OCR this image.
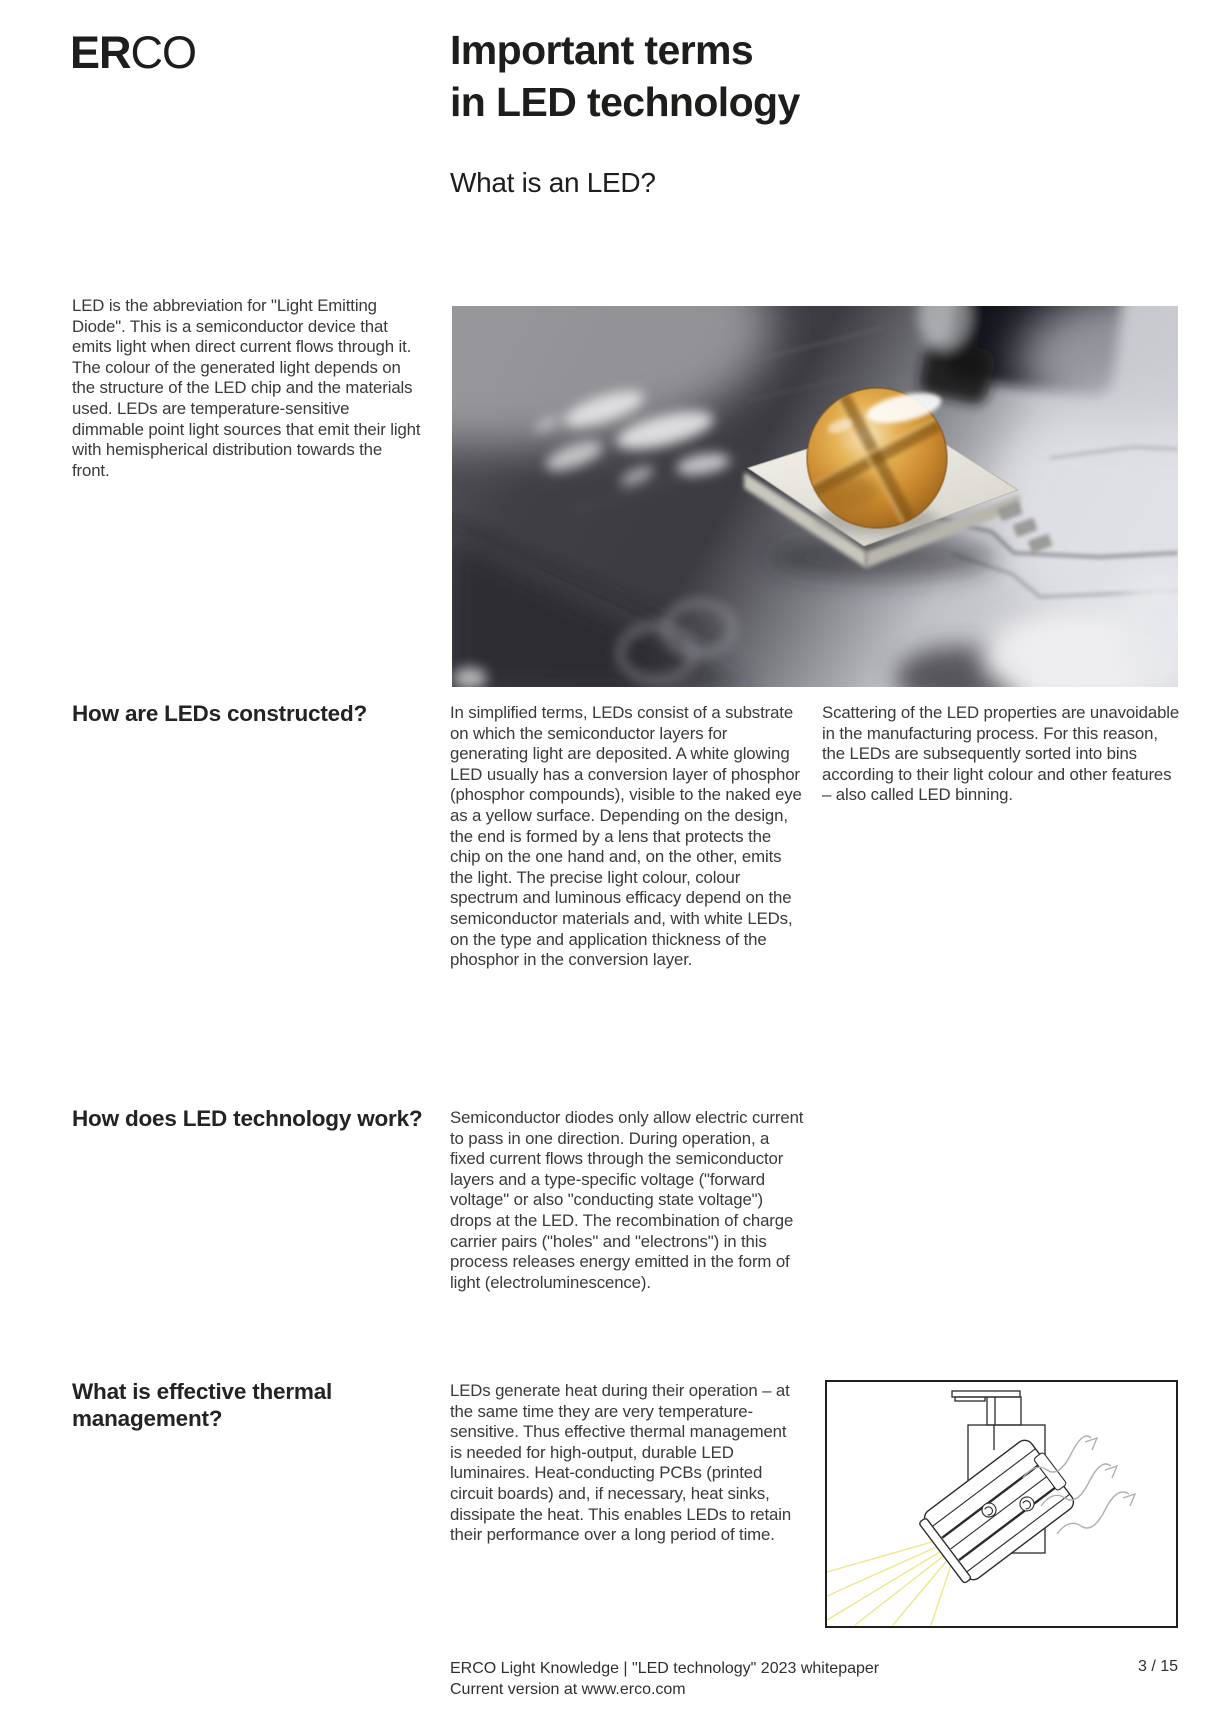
ERCO	Important terms
in LED technology
What is an LED?
LED is the abbreviation for "Light Emitting Diode". This is a semiconductor device that emits light when direct current flows through it. The colour of the generated light depends on the structure of the LED chip and the materials used. LEDs are temperature-sensitive dimmable point light sources that emit their light with hemispherical distribution towards the front.
How are LEDs constructed?	In simplified terms, LEDs consist of a substrate on which the semiconductor layers for generating light are deposited. A white glowing LED usually has a conversion layer of phosphor (phosphor compounds), visible to the naked eye as a yellow surface. Depending on the design, the end is formed by a lens that protects the chip on the one hand and, on the other, emits the light. The precise light colour, colour spectrum and luminous efficacy depend on the semiconductor materials and, with white LEDs, on the type and application thickness of the phosphor in the conversion layer.
Scattering of the LED properties are unavoidable in the manufacturing process. For this reason, the LEDs are subsequently sorted into bins according to their light colour and other features – also called LED binning.
How does LED technology work?	Semiconductor diodes only allow electric current to pass in one direction. During operation, a fixed current flows through the semiconductor layers and a type-specific voltage ("forward voltage" or also "conducting state voltage") drops at the LED. The recombination of charge carrier pairs ("holes" and "electrons") in this process releases energy emitted in the form of light (electroluminescence).
What is effective thermal management?
LEDs generate heat during their operation – at the same time they are very temperature-sensitive. Thus effective thermal management is needed for high-output, durable LED luminaires. Heat-conducting PCBs (printed circuit boards) and, if necessary, heat sinks, dissipate the heat. This enables LEDs to retain their performance over a long period of time.
ERCO Light Knowledge | "LED technology" 2023 whitepaper
Current version at www.erco.com
3 / 15
